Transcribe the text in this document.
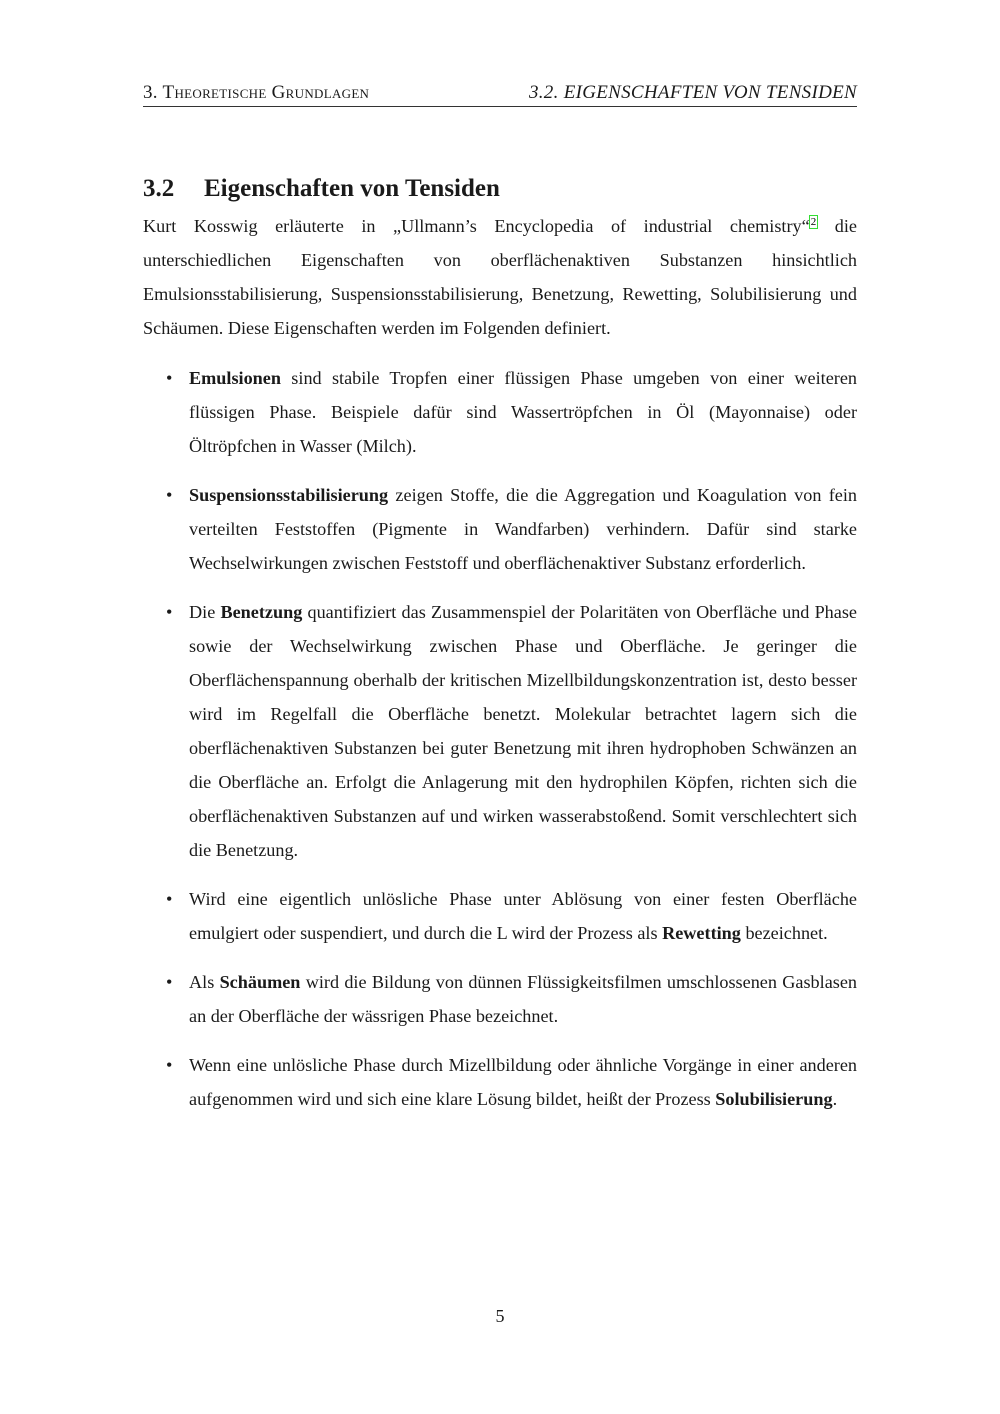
3. Theoretische Grundlagen	3.2. EIGENSCHAFTEN VON TENSIDEN
3.2 Eigenschaften von Tensiden

Kurt Kosswig erläuterte in „Ullmann’s Encyclopedia of industrial chemistry“$^2$ die unterschiedlichen Eigenschaften von oberflächenaktiven Substanzen hinsichtlich Emulsionsstabilisierung, Suspensionsstabilisierung, Benetzung, Rewetting, Solubilisierung und Schäumen. Diese Eigenschaften werden im Folgenden definiert.

• Emulsionen sind stabile Tropfen einer flüssigen Phase umgeben von einer weiteren flüssigen Phase. Beispiele dafür sind Wassertröpfchen in Öl (Mayonnaise) oder Öltröpfchen in Wasser (Milch).
• Suspensionsstabilisierung zeigen Stoffe, die die Aggregation und Koagulation von fein verteilten Feststoffen (Pigmente in Wandfarben) verhindern. Dafür sind starke Wechselwirkungen zwischen Feststoff und oberflächenaktiver Substanz erforderlich.
• Die Benetzung quantifiziert das Zusammenspiel der Polaritäten von Oberfläche und Phase sowie der Wechselwirkung zwischen Phase und Oberfläche. Je geringer die Oberflächenspannung oberhalb der kritischen Mizellbildungskonzentration ist, desto besser wird im Regelfall die Oberfläche benetzt. Molekular betrachtet lagern sich die oberflächenaktiven Substanzen bei guter Benetzung mit ihren hydrophoben Schwänzen an die Oberfläche an. Erfolgt die Anlagerung mit den hydrophilen Köpfen, richten sich die oberflächenaktiven Substanzen auf und wirken wasserabstoßend. Somit verschlechtert sich die Benetzung.
• Wird eine eigentlich unlösliche Phase unter Ablösung von einer festen Oberfläche emulgiert oder suspendiert, und durch die L wird der Prozess als Rewetting bezeichnet.
• Als Schäumen wird die Bildung von dünnen Flüssigkeitsfilmen umschlossenen Gasblasen an der Oberfläche der wässrigen Phase bezeichnet.
• Wenn eine unlösliche Phase durch Mizellbildung oder ähnliche Vorgänge in einer anderen aufgenommen wird und sich eine klare Lösung bildet, heißt der Prozess Solubilisierung.
5
